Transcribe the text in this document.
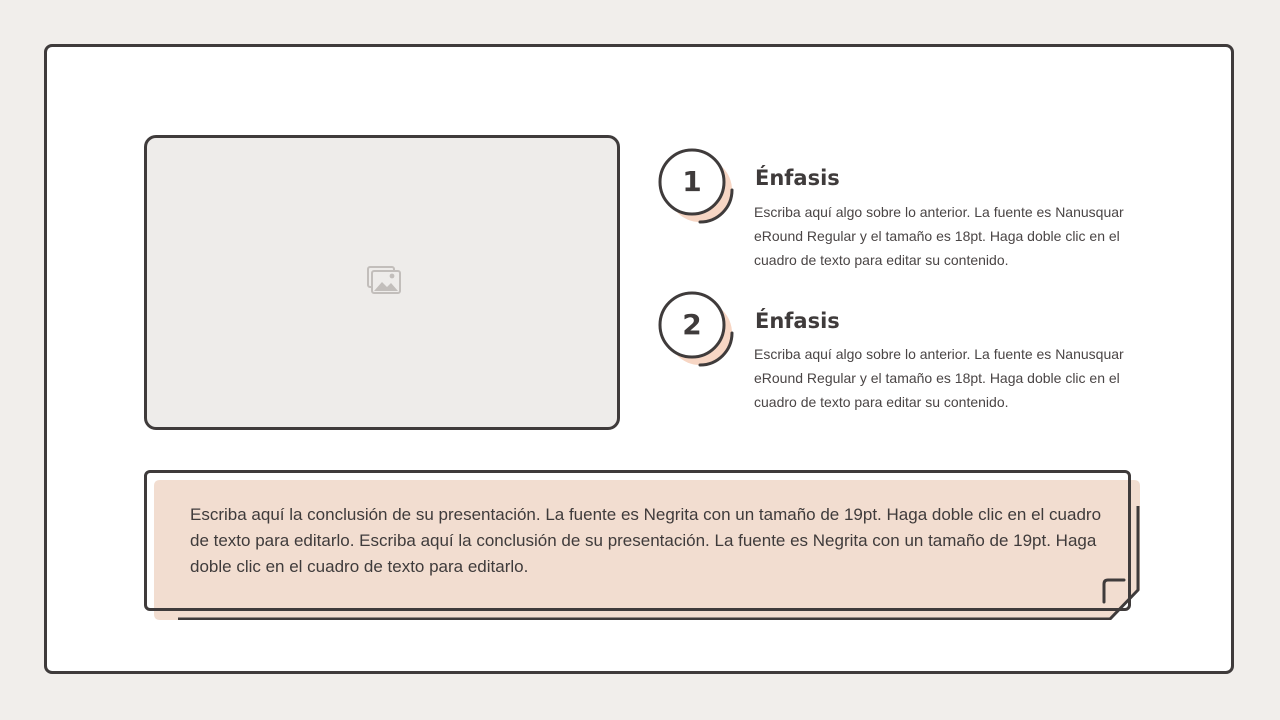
1	Énfasis

Escriba aquí algo sobre lo anterior. La fuente es NanusquareRound Regular y el tamaño es 18pt. Haga doble clic en el cuadro de texto para editar su contenido.

2	Énfasis

Escriba aquí algo sobre lo anterior. La fuente es NanusquareRound Regular y el tamaño es 18pt. Haga doble clic en el cuadro de texto para editar su contenido.

Escriba aquí la conclusión de su presentación. La fuente es Negrita con un tamaño de 19pt. Haga doble clic en el cuadro de texto para editarlo. Escriba aquí la conclusión de su presentación. La fuente es Negrita con un tamaño de 19pt. Haga doble clic en el cuadro de texto para editarlo.
